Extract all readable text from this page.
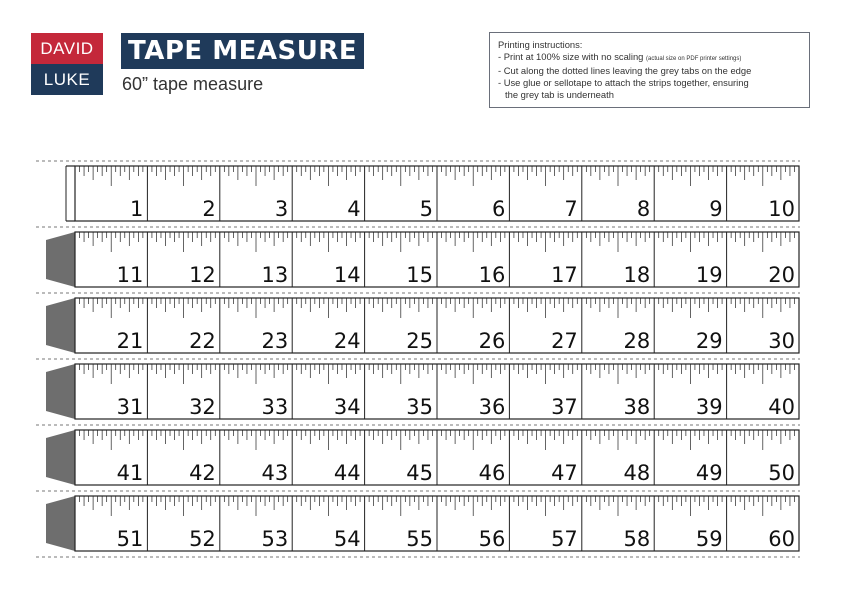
DAVID
LUKE
TAPE MEASURE
60” tape measure
Printing instructions:
- Print at 100% size with no scaling (actual size on PDF printer settings)
- Cut along the dotted lines leaving the grey tabs on the edge
- Use glue or sellotape to attach the strips together, ensuring
the grey tab is underneath
1	2	3	4	5	6	7	8	9 10
11 12 13 14 15 16 17 18 19 20
21 22 23 24 25 26 27 28 29 30
31 32 33 34 35 36 37 38 39 40
41 42 43 44 45 46 47 48 49 50
51 52 53 54 55 56 57 58 59 60
